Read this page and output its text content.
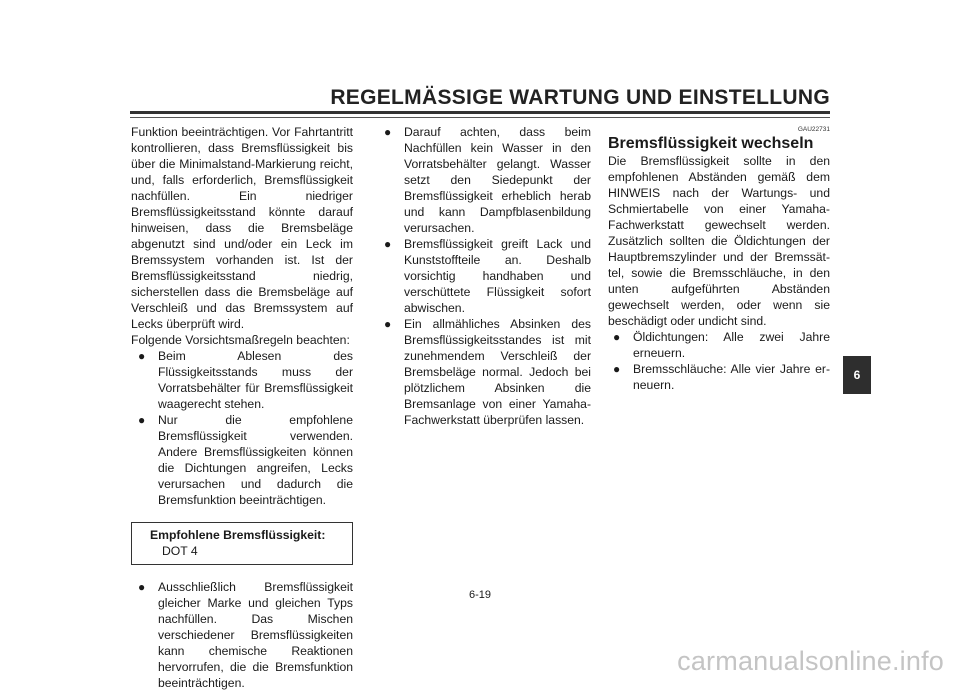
REGELMÄSSIGE WARTUNG UND EINSTELLUNG

Funktion beeinträchtigen. Vor Fahrtantritt kontrollieren, dass Bremsflüssigkeit bis über die Minimalstand-Markierung reicht, und, falls erforderlich, Bremsflüssigkeit nachfüllen. Ein niedriger Bremsflüssigkeitsstand könnte darauf hinweisen, dass die Bremsbeläge abgenutzt sind und/oder ein Leck im Bremssystem vorhanden ist. Ist der Bremsflüssigkeitsstand niedrig, sicherstellen dass die Bremsbeläge auf Verschleiß und das Bremssystem auf Lecks überprüft wird.

Folgende Vorsichtsmaßregeln beachten:

●	Beim Ablesen des Flüssigkeitsstands muss der Vorratsbehälter für Bremsflüssigkeit waagerecht stehen.
●	Nur die empfohlene Bremsflüssigkeit verwenden. Andere Bremsflüssigkeiten können die Dichtungen angreifen, Lecks verursachen und dadurch die Bremsfunktion beeinträchtigen.
Empfohlene Bremsflüssigkeit:
DOT 4
●	Ausschließlich Bremsflüssigkeit gleicher Marke und gleichen Typs nachfüllen. Das Mischen verschiedener Bremsflüssigkeiten kann chemische Reaktionen hervorrufen, die die Bremsfunktion beeinträchtigen.
●	Darauf achten, dass beim Nachfüllen kein Wasser in den Vorratsbehälter gelangt. Wasser setzt den Siedepunkt der Bremsflüssigkeit erheblich herab und kann Dampfblasenbildung verursachen.
●	Bremsflüssigkeit greift Lack und Kunststoffteile an. Deshalb vorsichtig handhaben und verschüttete Flüssigkeit sofort abwischen.
●	Ein allmähliches Absinken des Bremsflüssigkeitsstandes ist mit zunehmendem Verschleiß der Bremsbeläge normal. Jedoch bei plötzlichem Absinken die Bremsanlage von einer Yamaha-Fachwerkstatt überprüfen lassen.
GAU22731
Bremsflüssigkeit wechseln

Die Bremsflüssigkeit sollte in den empfohlenen Abständen gemäß dem HINWEIS nach der Wartungs- und Schmiertabelle von einer Yamaha-Fachwerkstatt gewechselt werden. Zusätzlich sollten die Öldichtungen der Hauptbremszylinder und der Bremssättel, sowie die Bremsschläuche, in den unten aufgeführten Abständen gewechselt werden, oder wenn sie beschädigt oder undicht sind.

●	Öldichtungen: Alle zwei Jahre erneuern.
●	Bremsschläuche: Alle vier Jahre erneuern.
6
6-19
carmanualsonline.info
